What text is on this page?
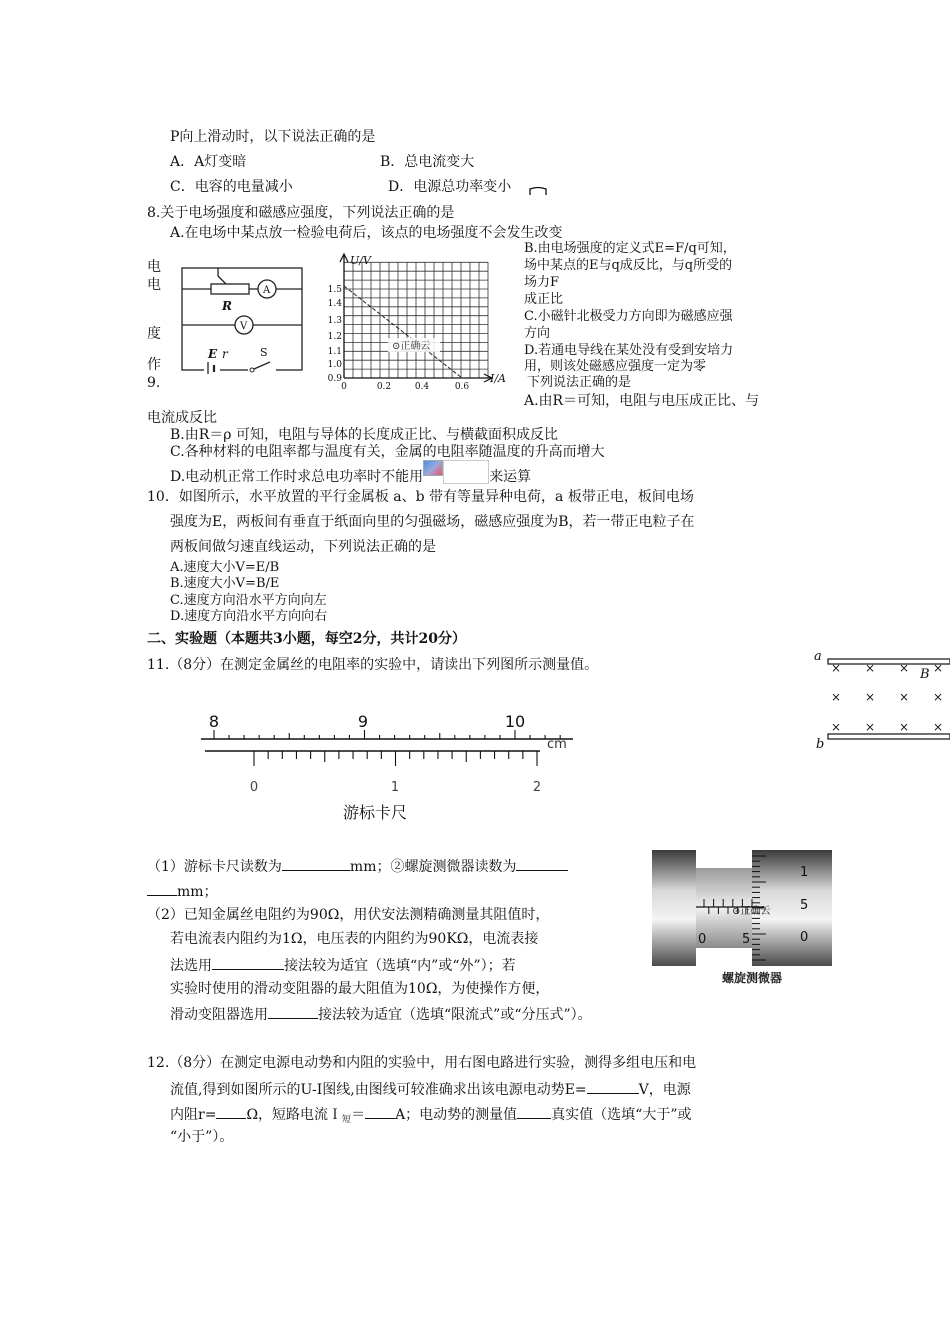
P向上滑动时，以下说法正确的是
A．A灯变暗	B．总电流变大
C．电容的电量减小	D．电源总功率变小
8.关于电场强度和磁感应强度，下列说法正确的是
A.在电场中某点放一检验电荷后，该点的电场强度不会发生改变
B.由电场强度的定义式E=F/q可知，
场中某点的E与q成反比，与q所受的
场力F
成正比
C.小磁针北极受力方向即为磁感应强
方向
D.若通电导线在某处没有受到安培力
用，则该处磁感应强度一定为零
电
电
度
作
9.
R
A
V
E r	S
U/V
I/A
1.5
1.4
1.3
1.2
1.1
1.0
0.9
0	0.2	0.4	0.6
⊙正确云
下列说法正确的是
A.由R＝可知，电阻与电压成正比、与
电流成反比
B.由R＝ρ 可知，电阻与导体的长度成正比、与横截面积成反比
C.各种材料的电阻率都与温度有关，金属的电阻率随温度的升高而增大
D.电动机正常工作时求总电功率时不能用	来运算
10．如图所示，水平放置的平行金属板 a、b 带有等量异种电荷，a 板带正电，板间电场
强度为E，两板间有垂直于纸面向里的匀强磁场，磁感应强度为B，若一带正电粒子在
两板间做匀速直线运动，下列说法正确的是
A.速度大小V=E/B
B.速度大小V=B/E
C.速度方向沿水平方向向左
D.速度方向沿水平方向向右
a
b
B
× × × ×
× × × ×
× × × ×
二、实验题（本题共3小题，每空2分，共计20分）
11.（8分）在测定金属丝的电阻率的实验中，请读出下列图所示测量值。
8	9	10
cm
0	1	2
游标卡尺
1
5
0
0	5
⊙正确云
螺旋测微器
（1）游标卡尺读数为	mm；②螺旋测微器读数为
mm；
（2）已知金属丝电阻约为90Ω，用伏安法测精确测量其阻值时，
若电流表内阻约为1Ω，电压表的内阻约为90KΩ，电流表接
法选用	接法较为适宜（选填“内”或“外”）；若
实验时使用的滑动变阻器的最大阻值为10Ω，为使操作方便，
滑动变阻器选用	接法较为适宜（选填“限流式”或“分压式”）。
12.（8分）在测定电源电动势和内阻的实验中，用右图电路进行实验，测得多组电压和电
流值,得到如图所示的U-I图线,由图线可较准确求出该电源电动势E=	V，电源
内阻r= Ω，短路电流Ｉ$_短$＝ A；电动势的测量值 真实值（选填“大于”或
“小于”）。
